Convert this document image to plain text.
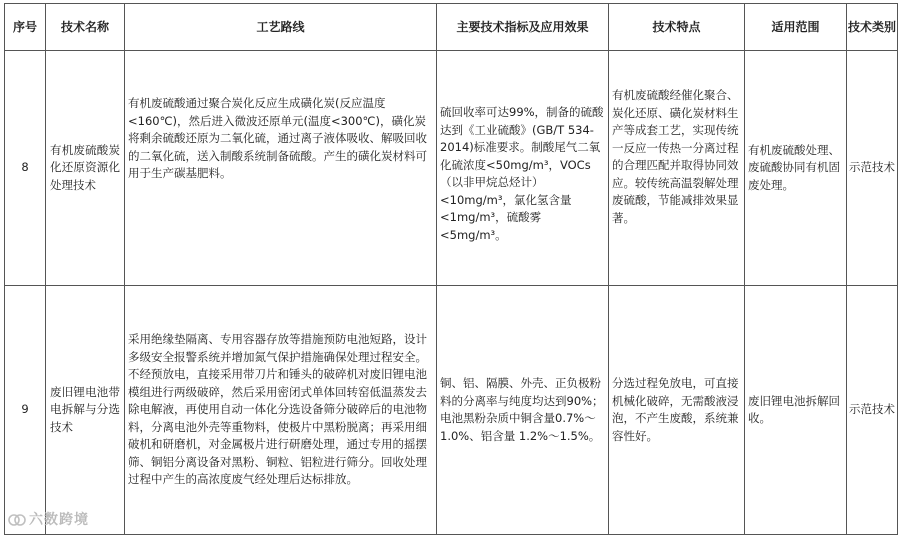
序号	技术名称	工艺路线	主要技术指标及应用效果	技术特点	适用范围	技术类别
8	有机废硫酸炭化还原资源化处理技术	有机废硫酸通过聚合炭化反应生成磺化炭(反应温度<160℃)，然后进入微波还原单元(温度<300℃)，磺化炭将剩余硫酸还原为二氧化硫，通过离子液体吸收、解吸回收的二氧化硫，送入制酸系统制备硫酸。产生的磺化炭材料可用于生产碳基肥料。	硫回收率可达99%，制备的硫酸达到《工业硫酸》(GB/T 534-2014)标准要求。制酸尾气二氧化硫浓度<50mg/m³，VOCs（以非甲烷总烃计）<10mg/m³，氯化氢含量<1mg/m³，硫酸雾<5mg/m³。	有机废硫酸经催化聚合、炭化还原、磺化炭材料生产等成套工艺，实现传统一反应一传热一分离过程的合理匹配并取得协同效应。较传统高温裂解处理废硫酸，节能减排效果显著。	有机废硫酸处理、废硫酸协同有机固废处理。	示范技术
9	废旧锂电池带电拆解与分选技术	采用绝缘垫隔离、专用容器存放等措施预防电池短路，设计多级安全报警系统并增加氮气保护措施确保处理过程安全。不经预放电，直接采用带刀片和锤头的破碎机对废旧锂电池模组进行两级破碎，然后采用密闭式单体回转窑低温蒸发去除电解液，再使用自动一体化分选设备筛分破碎后的电池物料，分离电池外壳等重物料，使极片中黑粉脱离；再采用细破机和研磨机，对金属极片进行研磨处理，通过专用的摇摆筛、铜铝分离设备对黑粉、铜粒、铝粒进行筛分。回收处理过程中产生的高浓度废气经处理后达标排放。	铜、铝、隔膜、外壳、正负极粉料的分离率与纯度均达到90%；电池黑粉杂质中铜含量0.7%～1.0%、铝含量 1.2%～1.5%。	分选过程免放电，可直接机械化破碎，无需酸液浸泡，不产生废酸，系统兼容性好。	废旧锂电池拆解回收。	示范技术
六数跨境
